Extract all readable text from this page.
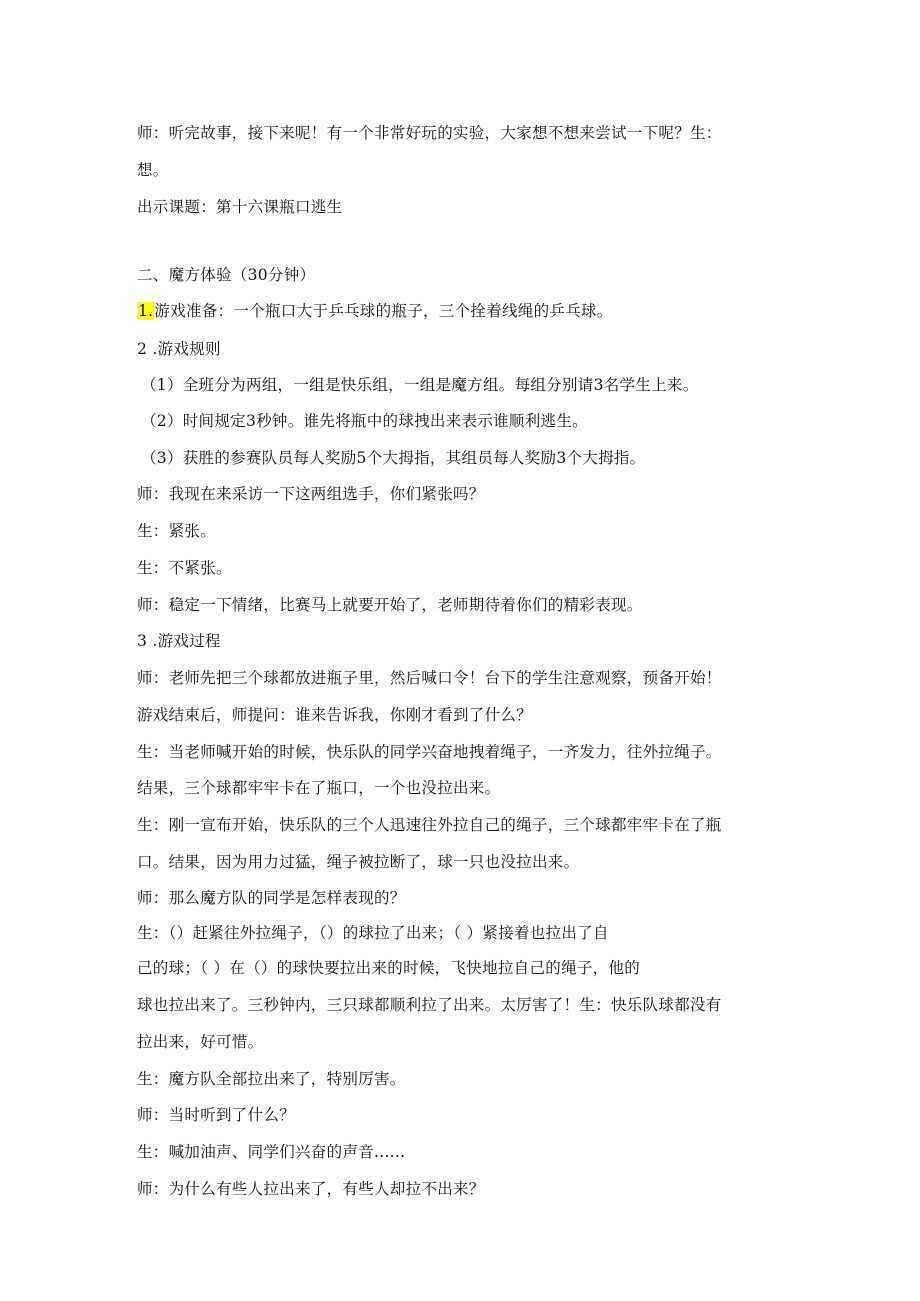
师：听完故事，接下来呢！有一个非常好玩的实验，大家想不想来尝试一下呢？生：
想。
出示课题：第十六课瓶口逃生
二、魔方体验（30分钟）
1.游戏准备：一个瓶口大于乒乓球的瓶子，三个拴着线绳的乒乓球。
2 .游戏规则
（1）全班分为两组，一组是快乐组，一组是魔方组。每组分别请3名学生上来。
（2）时间规定3秒钟。谁先将瓶中的球拽出来表示谁顺利逃生。
（3）获胜的参赛队员每人奖励5个大拇指，其组员每人奖励3个大拇指。
师：我现在来采访一下这两组选手，你们紧张吗？
生：紧张。
生：不紧张。
师：稳定一下情绪，比赛马上就要开始了，老师期待着你们的精彩表现。
3 .游戏过程
师：老师先把三个球都放进瓶子里，然后喊口令！台下的学生注意观察，预备开始！
游戏结束后，师提问：谁来告诉我，你刚才看到了什么？
生：当老师喊开始的时候，快乐队的同学兴奋地拽着绳子，一齐发力，往外拉绳子。
结果，三个球都牢牢卡在了瓶口，一个也没拉出来。
生：刚一宣布开始，快乐队的三个人迅速往外拉自己的绳子，三个球都牢牢卡在了瓶
口。结果，因为用力过猛，绳子被拉断了，球一只也没拉出来。
师：那么魔方队的同学是怎样表现的？
生：（）赶紧往外拉绳子，（）的球拉了出来；（ ）紧接着也拉出了自
己的球；（ ）在（）的球快要拉出来的时候，飞快地拉自己的绳子，他的
球也拉出来了。三秒钟内，三只球都顺利拉了出来。太厉害了！生：快乐队球都没有
拉出来，好可惜。
生：魔方队全部拉出来了，特别厉害。
师：当时听到了什么？
生：喊加油声、同学们兴奋的声音......
师：为什么有些人拉出来了，有些人却拉不出来？
